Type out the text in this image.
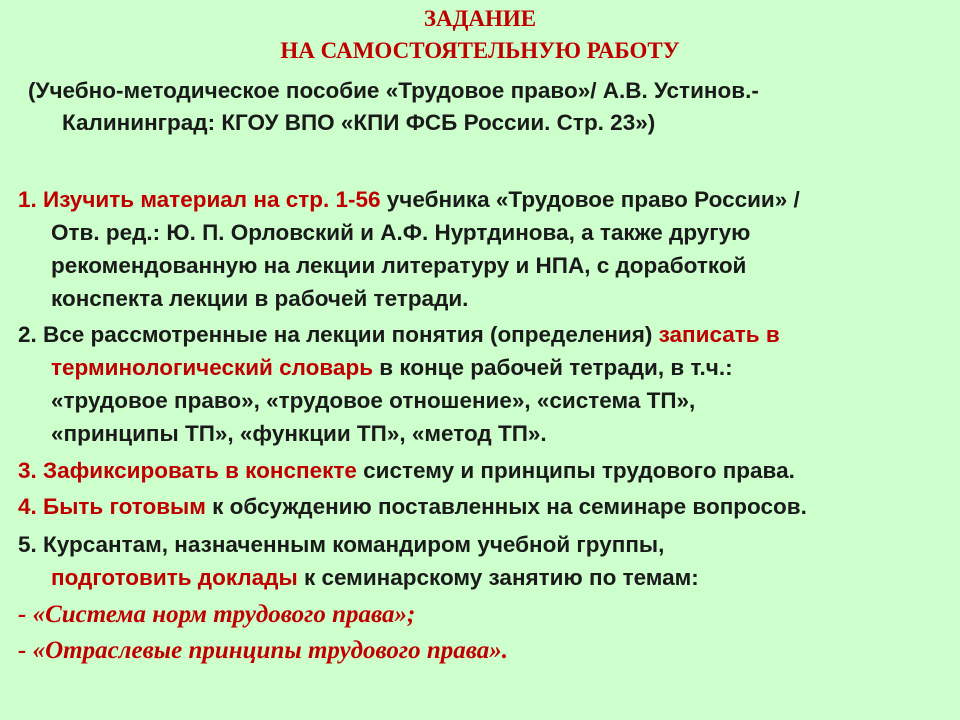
ЗАДАНИЕ
НА САМОСТОЯТЕЛЬНУЮ РАБОТУ
(Учебно-методическое пособие «Трудовое право»/ А.В. Устинов.-
Калининград: КГОУ ВПО «КПИ ФСБ России. Стр. 23»)
1. Изучить материал на стр. 1-56 учебника «Трудовое право России» /
Отв. ред.: Ю. П. Орловский и А.Ф. Нуртдинова, а также другую
рекомендованную на лекции литературу и НПА, с доработкой
конспекта лекции в рабочей тетради.
2. Все рассмотренные на лекции понятия (определения) записать в
терминологический словарь в конце рабочей тетради, в т.ч.:
«трудовое право», «трудовое отношение», «система ТП»,
«принципы ТП», «функции ТП», «метод ТП».
3. Зафиксировать в конспекте систему и принципы трудового права.
4. Быть готовым к обсуждению поставленных на семинаре вопросов.
5. Курсантам, назначенным командиром учебной группы,
подготовить доклады к семинарскому занятию по темам:
- «Система норм трудового права»;
- «Отраслевые принципы трудового права».
